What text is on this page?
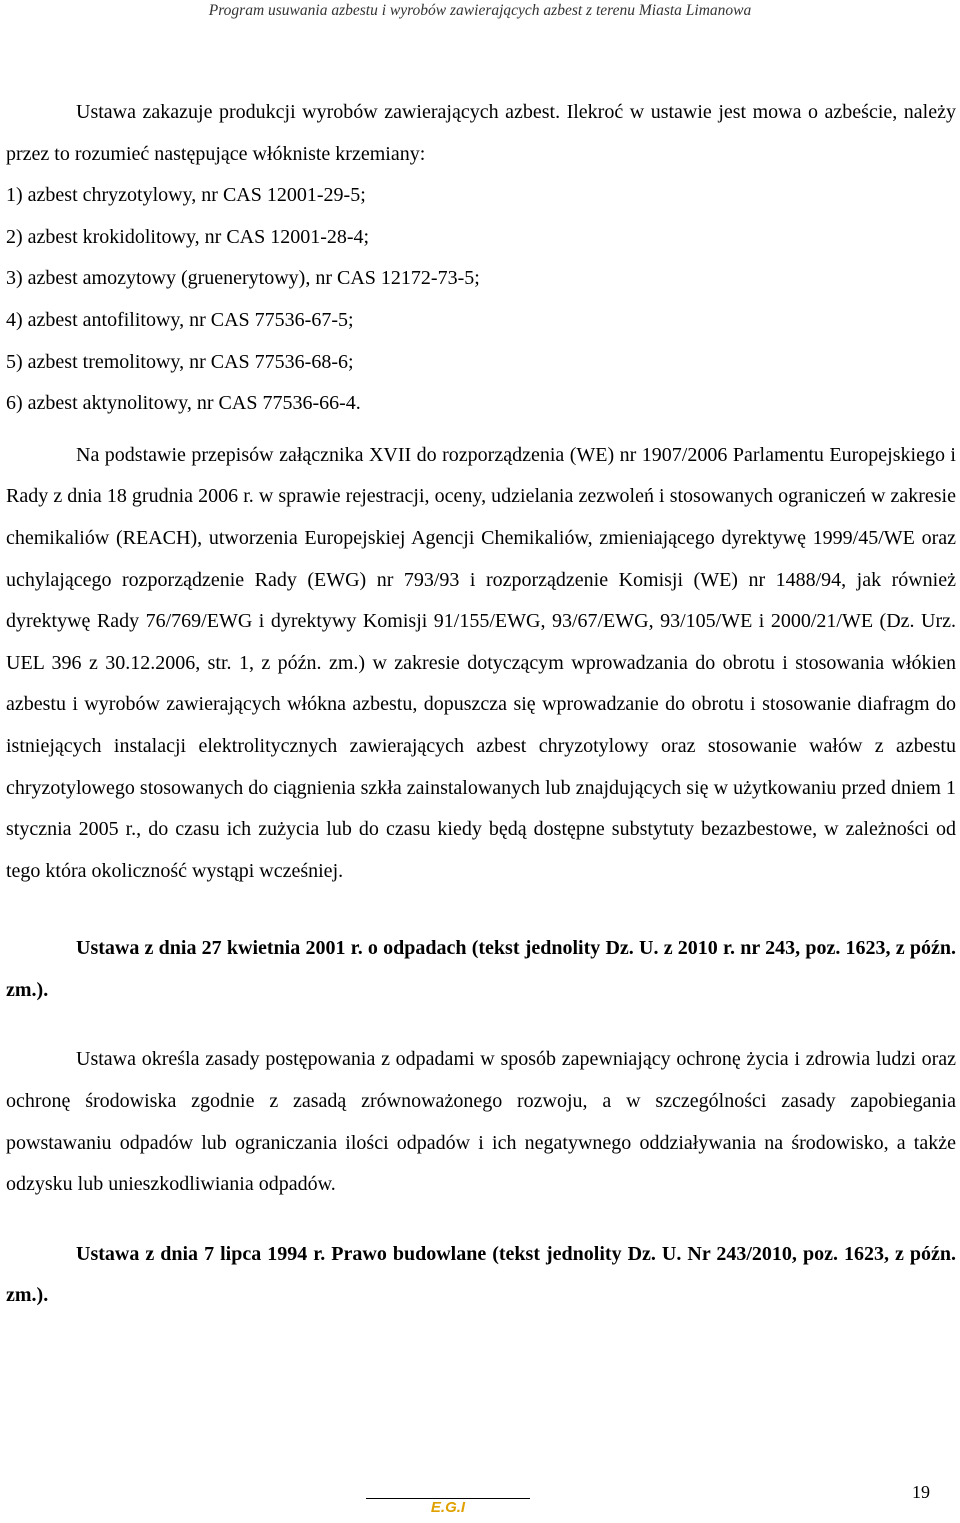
Program usuwania azbestu i wyrobów zawierających azbest z terenu Miasta Limanowa

Ustawa zakazuje produkcji wyrobów zawierających azbest. Ilekroć w ustawie jest mowa o azbeście, należy przez to rozumieć następujące włókniste krzemiany:

1) azbest chryzotylowy, nr CAS 12001-29-5;
2) azbest krokidolitowy, nr CAS 12001-28-4;
3) azbest amozytowy (gruenerytowy), nr CAS 12172-73-5;
4) azbest antofilitowy, nr CAS 77536-67-5;
5) azbest tremolitowy, nr CAS 77536-68-6;
6) azbest aktynolitowy, nr CAS 77536-66-4.

Na podstawie przepisów załącznika XVII do rozporządzenia (WE) nr 1907/2006 Parlamentu Europejskiego i Rady z dnia 18 grudnia 2006 r. w sprawie rejestracji, oceny, udzielania zezwoleń i stosowanych ograniczeń w zakresie chemikaliów (REACH), utworzenia Europejskiej Agencji Chemikaliów, zmieniającego dyrektywę 1999/45/WE oraz uchylającego rozporządzenie Rady (EWG) nr 793/93 i rozporządzenie Komisji (WE) nr 1488/94, jak również dyrektywę Rady 76/769/EWG i dyrektywy Komisji 91/155/EWG, 93/67/EWG, 93/105/WE i 2000/21/WE (Dz. Urz. UEL 396 z 30.12.2006, str. 1, z późn. zm.) w zakresie dotyczącym wprowadzania do obrotu i stosowania włókien azbestu i wyrobów zawierających włókna azbestu, dopuszcza się wprowadzanie do obrotu i stosowanie diafragm do istniejących instalacji elektrolitycznych zawierających azbest chryzotylowy oraz stosowanie wałów z azbestu chryzotylowego stosowanych do ciągnienia szkła zainstalowanych lub znajdujących się w użytkowaniu przed dniem 1 stycznia 2005 r., do czasu ich zużycia lub do czasu kiedy będą dostępne substytuty bezazbestowe, w zależności od tego która okoliczność wystąpi wcześniej.

Ustawa z dnia 27 kwietnia 2001 r. o odpadach (tekst jednolity Dz. U. z 2010 r. nr 243, poz. 1623, z późn. zm.).

Ustawa określa zasady postępowania z odpadami w sposób zapewniający ochronę życia i zdrowia ludzi oraz ochronę środowiska zgodnie z zasadą zrównoważonego rozwoju, a w szczególności zasady zapobiegania powstawaniu odpadów lub ograniczania ilości odpadów i ich negatywnego oddziaływania na środowisko, a także odzysku lub unieszkodliwiania odpadów.

Ustawa z dnia 7 lipca 1994 r. Prawo budowlane (tekst jednolity Dz. U. Nr 243/2010, poz. 1623, z późn. zm.).

19
E.G.I
